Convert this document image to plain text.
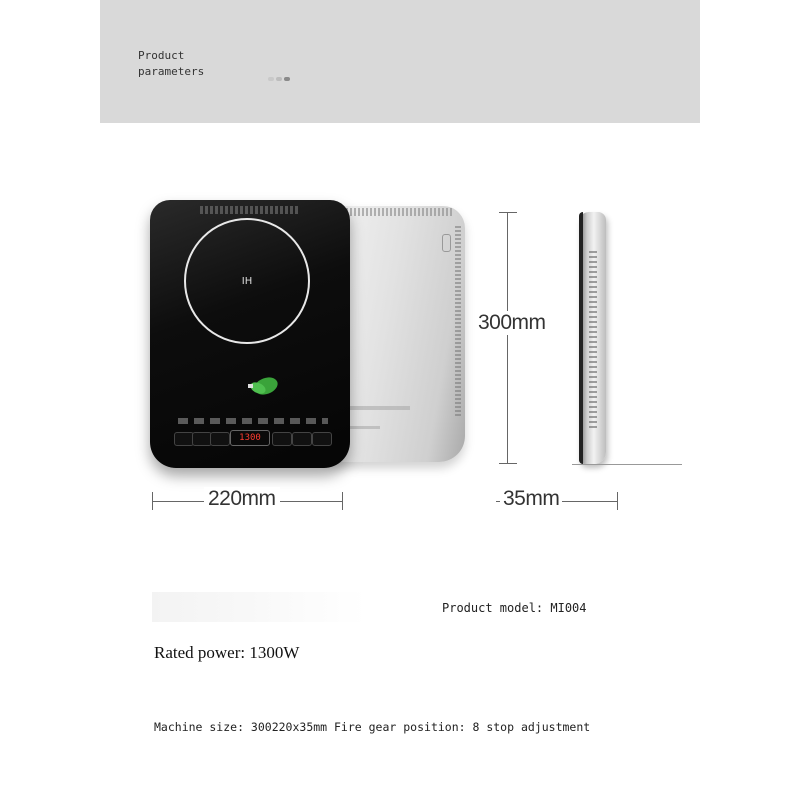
Product
parameters
IH
1300
300mm
220mm	35mm
Product model: MI004
Rated power: 1300W
Machine size: 300220x35mm Fire gear position: 8 stop adjustment
